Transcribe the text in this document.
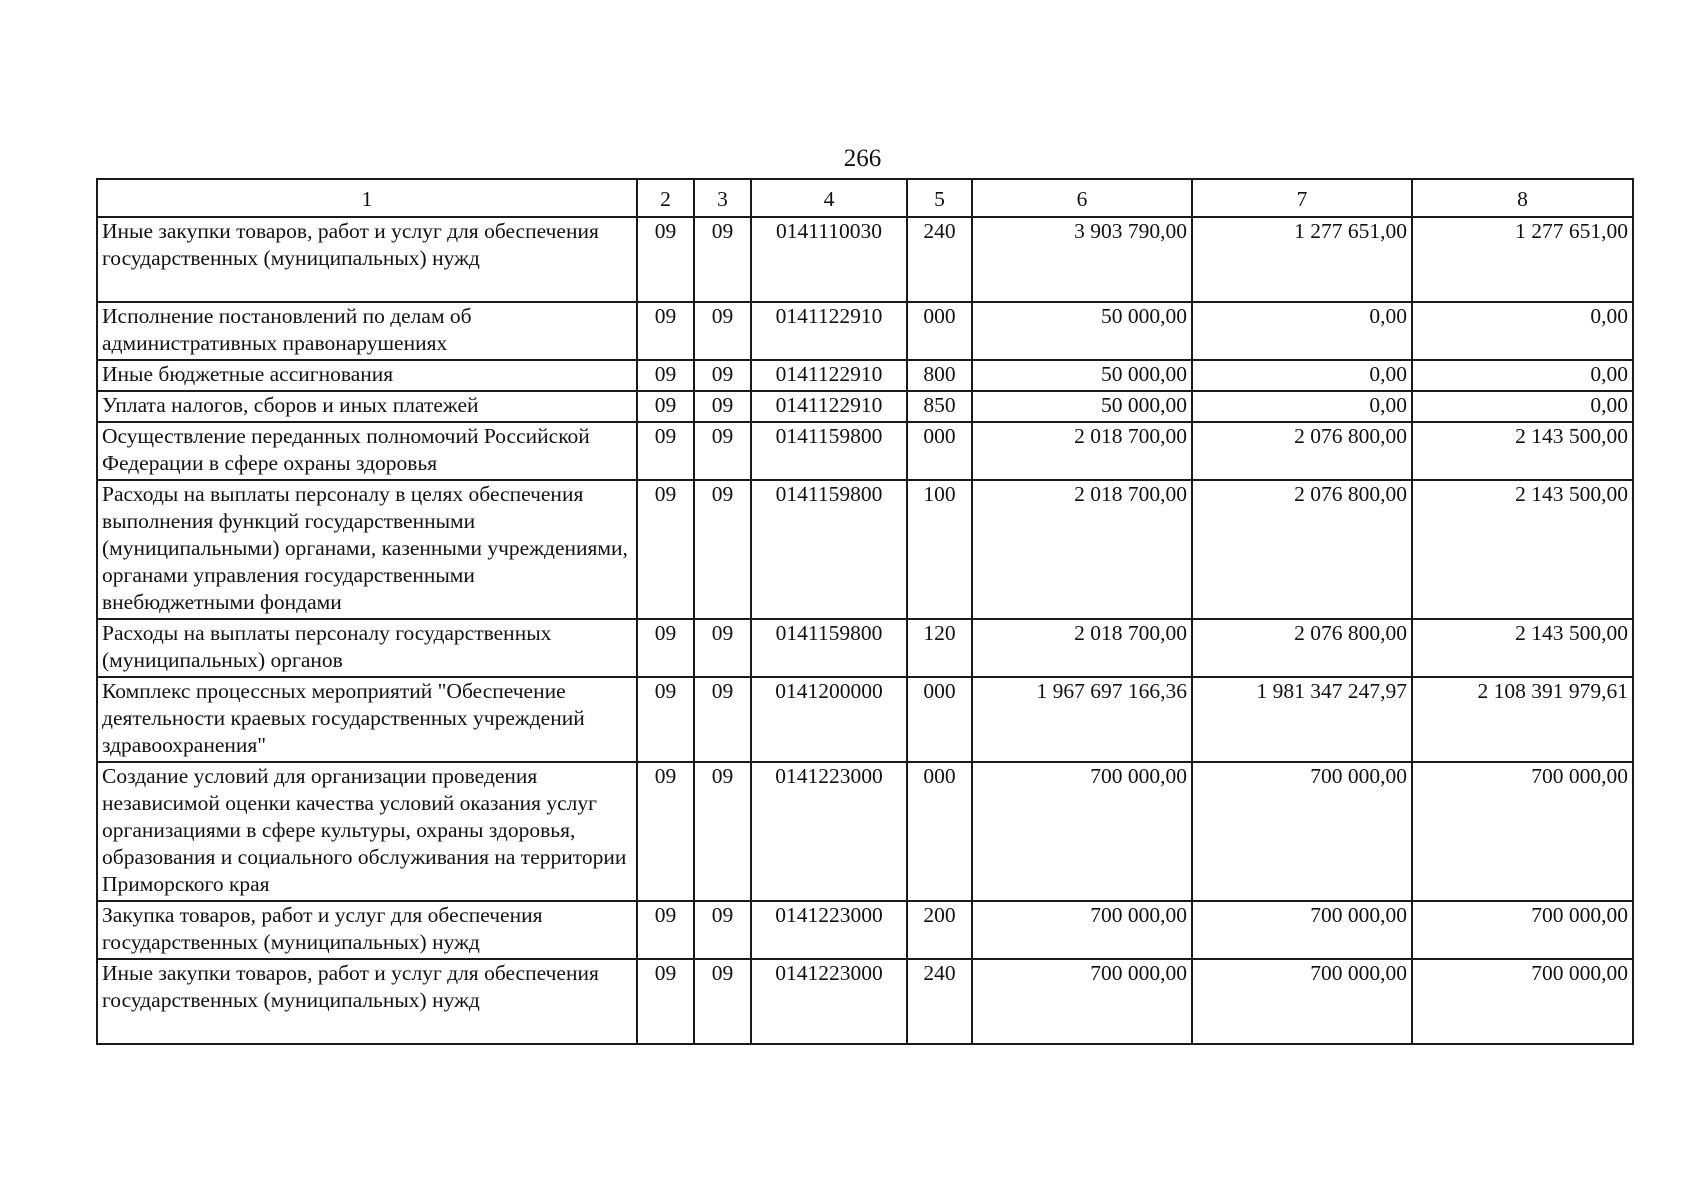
266
1	2	3	4	5	6	7	8
Иные закупки товаров, работ и услуг для обеспечения государственных (муниципальных) нужд	09	09	0141110030	240	3 903 790,00	1 277 651,00	1 277 651,00
Исполнение постановлений по делам об административных правонарушениях	09	09	0141122910	000	50 000,00	0,00	0,00
Иные бюджетные ассигнования	09	09	0141122910	800	50 000,00	0,00	0,00
Уплата налогов, сборов и иных платежей	09	09	0141122910	850	50 000,00	0,00	0,00
Осуществление переданных полномочий Российской Федерации в сфере охраны здоровья	09	09	0141159800	000	2 018 700,00	2 076 800,00	2 143 500,00
Расходы на выплаты персоналу в целях обеспечения выполнения функций государственными (муниципальными) органами, казенными учреждениями, органами управления государственными внебюджетными фондами	09	09	0141159800	100	2 018 700,00	2 076 800,00	2 143 500,00
Расходы на выплаты персоналу государственных (муниципальных) органов	09	09	0141159800	120	2 018 700,00	2 076 800,00	2 143 500,00
Комплекс процессных мероприятий "Обеспечение деятельности краевых государственных учреждений здравоохранения"	09	09	0141200000	000	1 967 697 166,36	1 981 347 247,97	2 108 391 979,61
Создание условий для организации проведения независимой оценки качества условий оказания услуг организациями в сфере культуры, охраны здоровья, образования и социального обслуживания на территории Приморского края	09	09	0141223000	000	700 000,00	700 000,00	700 000,00
Закупка товаров, работ и услуг для обеспечения государственных (муниципальных) нужд	09	09	0141223000	200	700 000,00	700 000,00	700 000,00
Иные закупки товаров, работ и услуг для обеспечения государственных (муниципальных) нужд	09	09	0141223000	240	700 000,00	700 000,00	700 000,00
